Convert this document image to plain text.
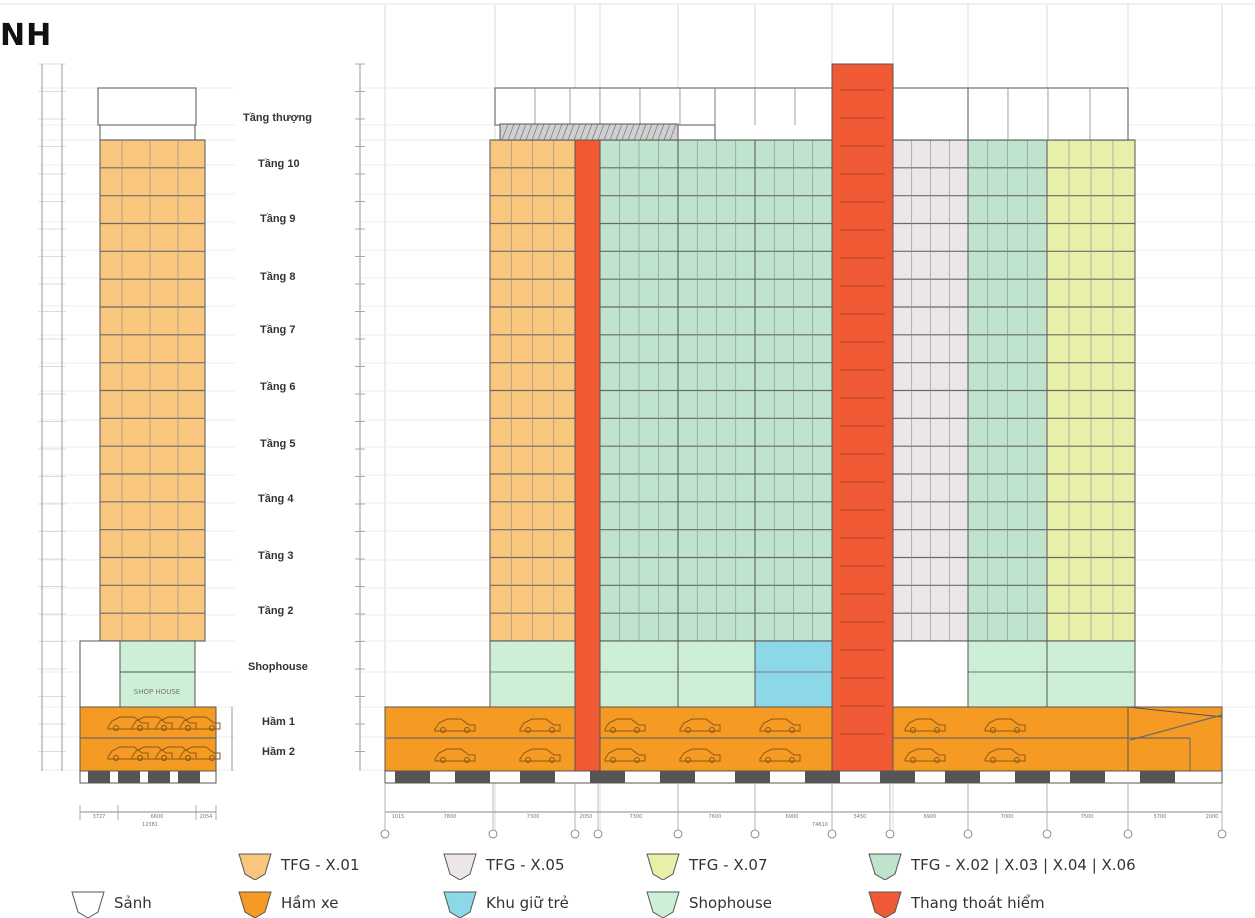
1015	7800	7300	2050	7300	7600	6900	5450	6900	7000	7500	5700	2000
74610
SHOP HOUSE
3727	6600	2054
12381
NH
Tầng thượng
Tầng 10
Tầng 9
Tầng 8
Tầng 7
Tầng 6
Tầng 5
Tầng 4
Tầng 3
Tầng 2
Shophouse
Hầm 1
Hầm 2
TFG - X.01	TFG - X.05	TFG - X.07	TFG - X.02 | X.03 | X.04 | X.06
Sảnh	Hầm xe	Khu giữ trẻ	Shophouse	Thang thoát hiểm
